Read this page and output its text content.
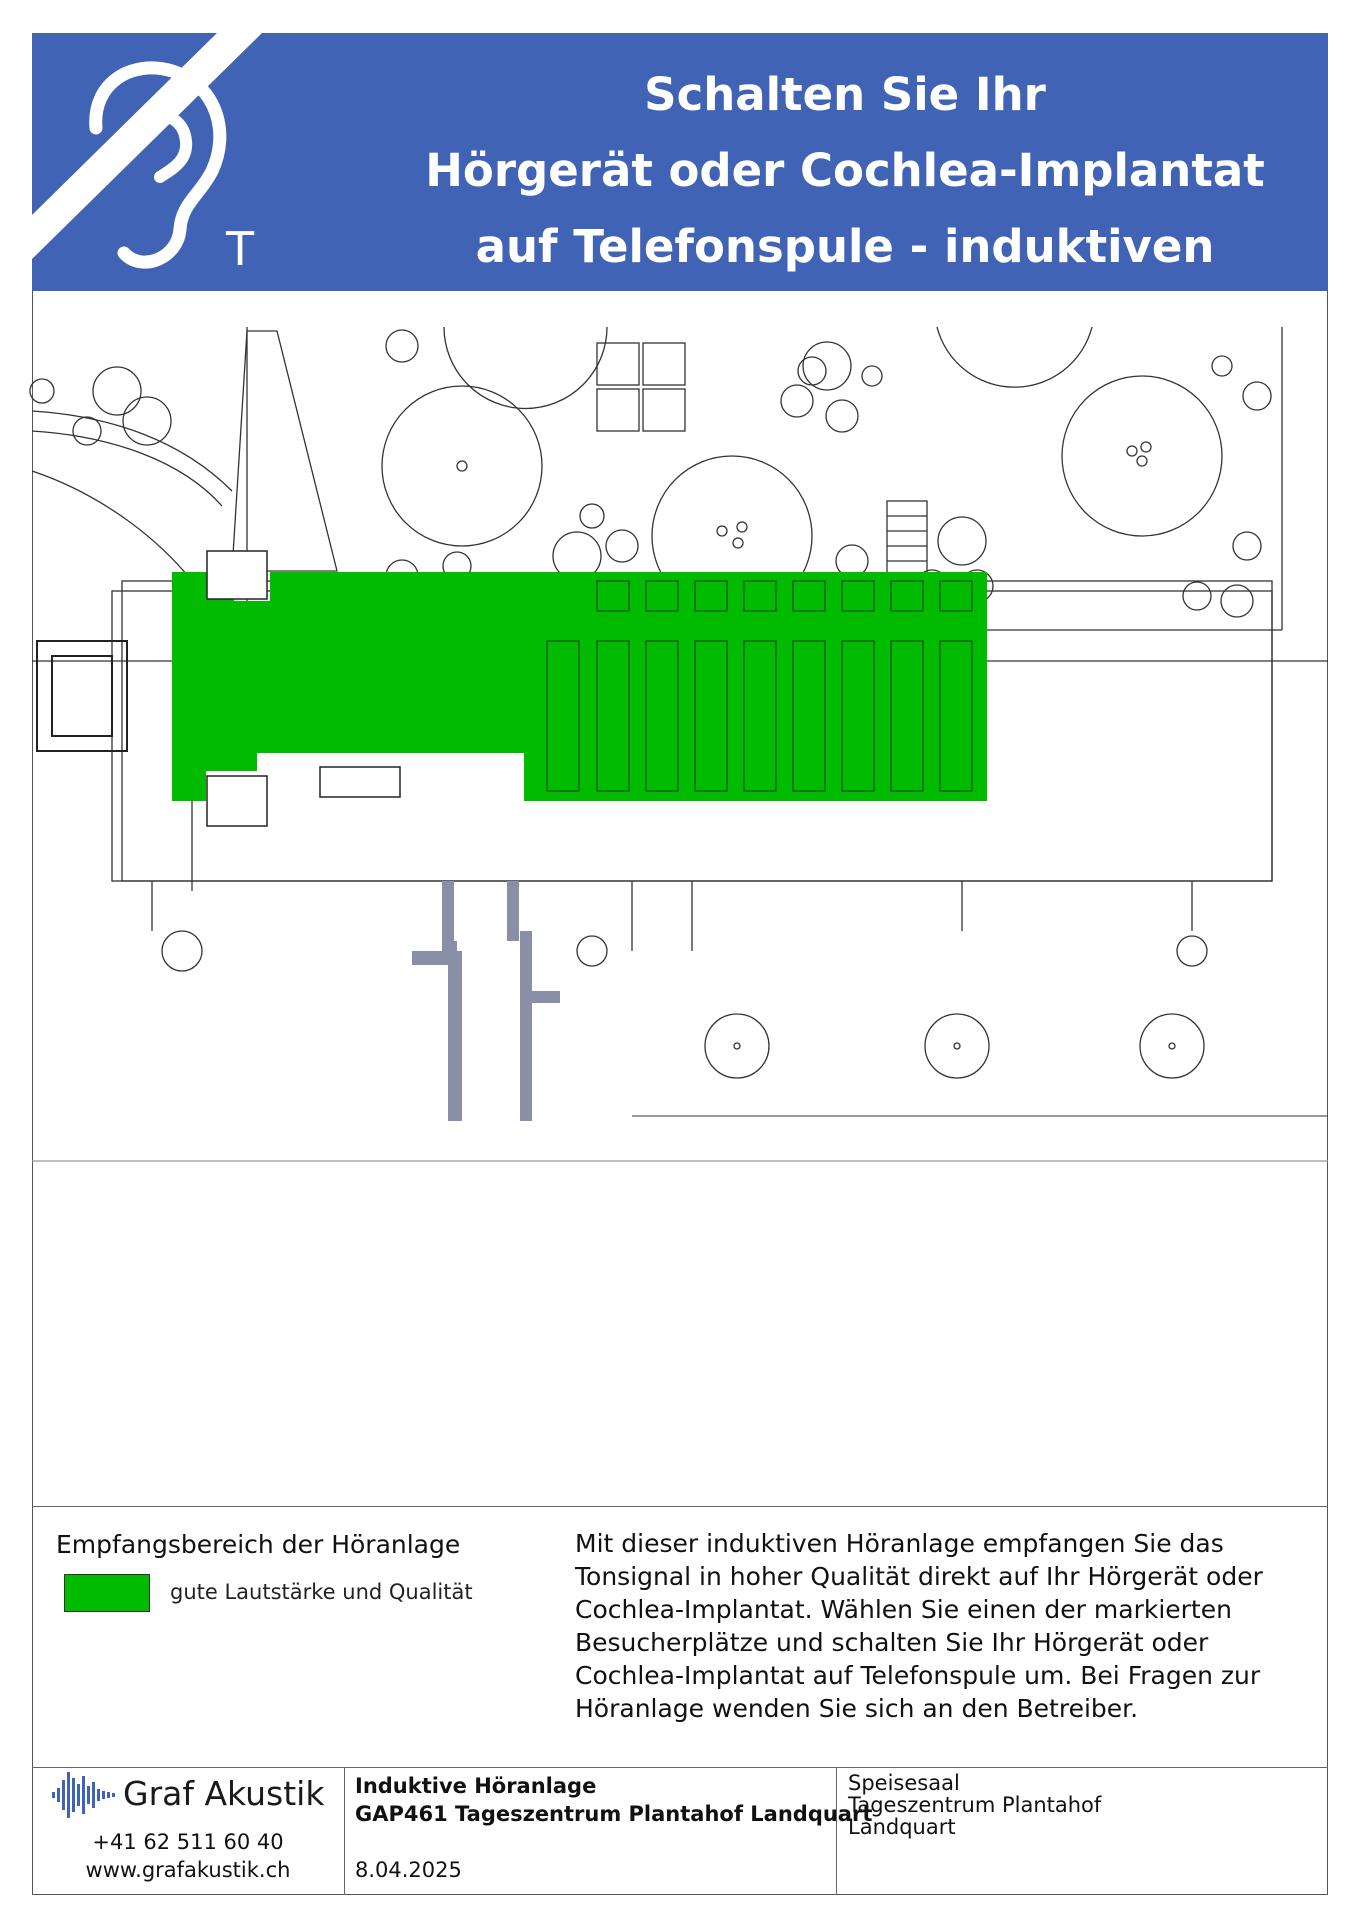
T
Schalten Sie Ihr
Hörgerät oder Cochlea-Implantat
auf Telefonspule - induktiven Empfang
Empfangsbereich der Höranlage
gute Lautstärke und Qualität
Mit dieser induktiven Höranlage empfangen Sie das
Tonsignal in hoher Qualität direkt auf Ihr Hörgerät oder
Cochlea-Implantat. Wählen Sie einen der markierten
Besucherplätze und schalten Sie Ihr Hörgerät oder
Cochlea-Implantat auf Telefonspule um. Bei Fragen zur
Höranlage wenden Sie sich an den Betreiber.
Graf Akustik
+41 62 511 60 40
www.grafakustik.ch
Induktive Höranlage
GAP461 Tageszentrum Plantahof Landquart
8.04.2025
Speisesaal
Tageszentrum Plantahof
Landquart
